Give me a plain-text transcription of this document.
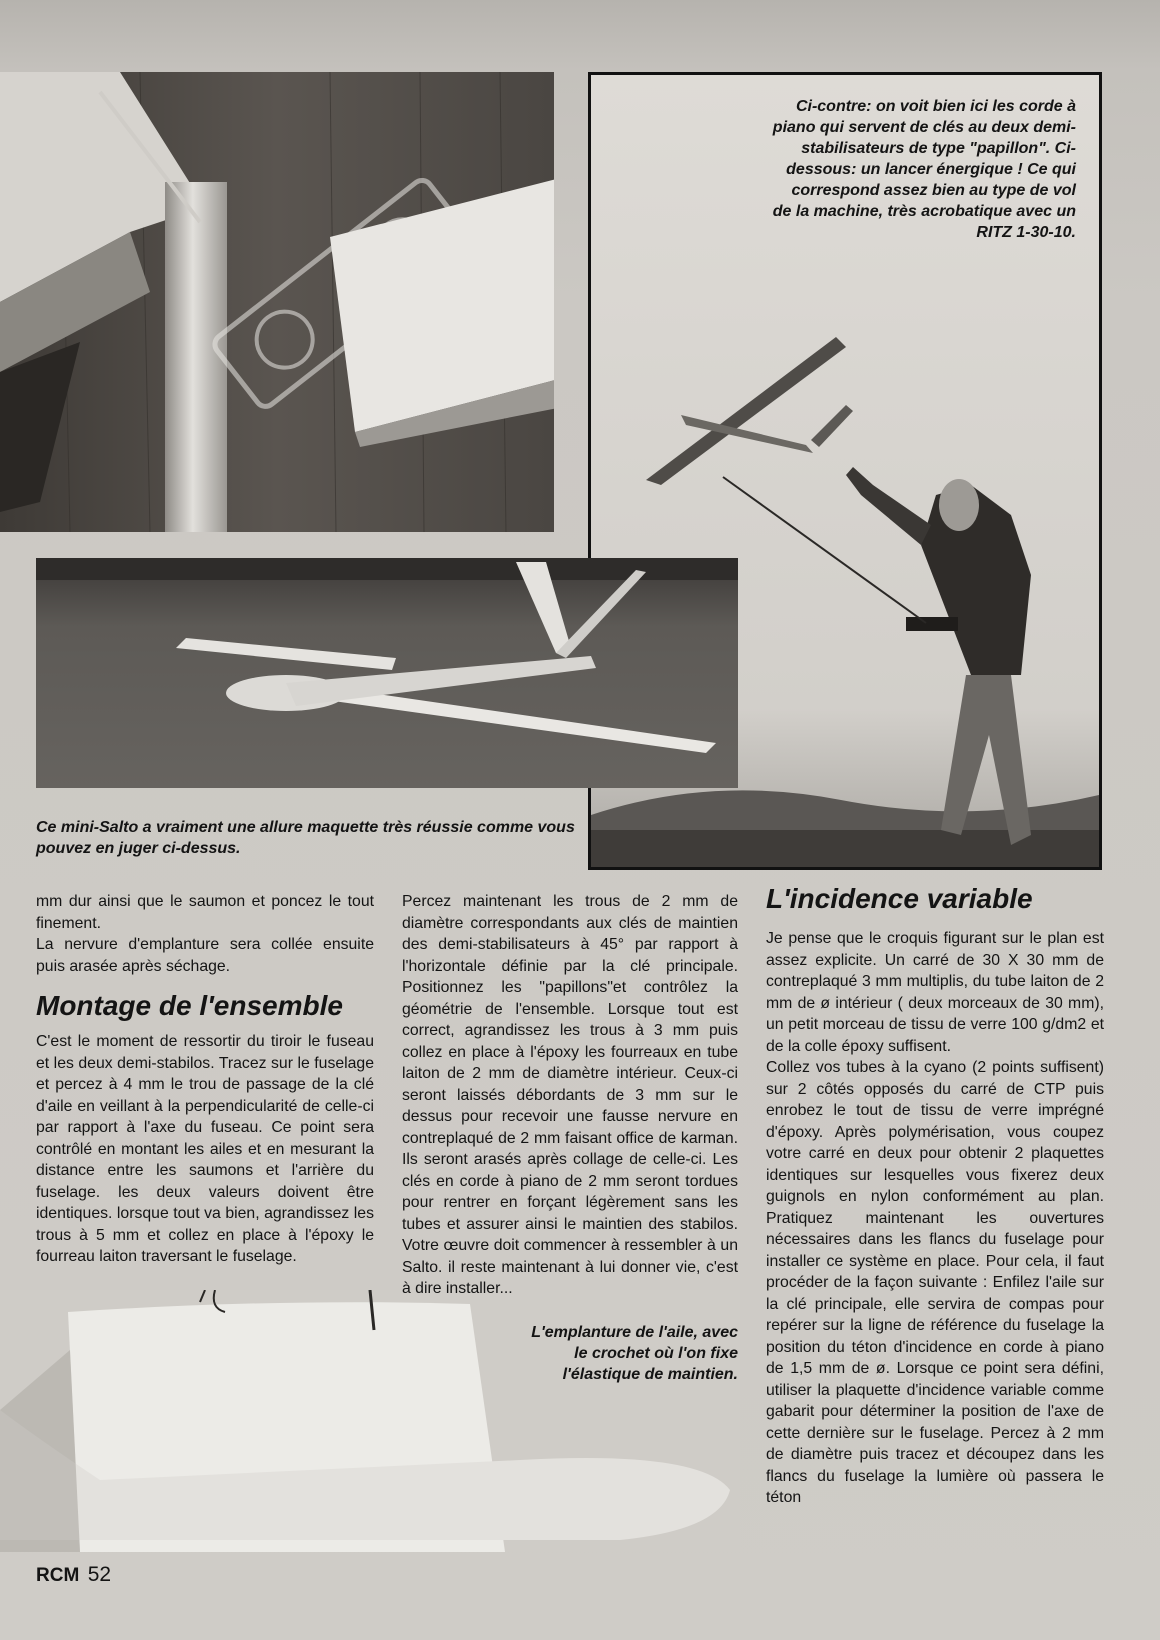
Ci-contre: on voit bien ici les corde à piano qui servent de clés au deux demi-stabilisateurs de type "papillon". Ci-dessous: un lancer énergique ! Ce qui correspond assez bien au type de vol de la machine, très acrobatique avec un RITZ 1-30-10.

Ce mini-Salto a vraiment une allure maquette très réussie comme vous pouvez en juger ci-dessus.

L'emplanture de l'aile, avec le crochet où l'on fixe l'élastique de maintien.

mm dur ainsi que le saumon et poncez le tout finement.

La nervure d'emplanture sera collée ensuite puis arasée après séchage.

Montage de l'ensemble

C'est le moment de ressortir du tiroir le fuseau et les deux demi-stabilos. Tracez sur le fuselage et percez à 4 mm le trou de passage de la clé d'aile en veillant à la perpendicularité de celle-ci par rapport à l'axe du fuseau. Ce point sera contrôlé en montant les ailes et en mesurant la distance entre les saumons et l'arrière du fuselage. les deux valeurs doivent être identiques. lorsque tout va bien, agrandissez les trous à 5 mm et collez en place à l'époxy le fourreau laiton traversant le fuselage.

Percez maintenant les trous de 2 mm de diamètre correspondants aux clés de maintien des demi-stabilisateurs à 45° par rapport à l'horizontale définie par la clé principale. Positionnez les "papillons"et contrôlez la géométrie de l'ensemble. Lorsque tout est correct, agrandissez les trous à 3 mm puis collez en place à l'époxy les fourreaux en tube laiton de 2 mm de diamètre intérieur. Ceux-ci seront laissés débordants de 3 mm sur le dessus pour recevoir une fausse nervure en contreplaqué de 2 mm faisant office de karman. Ils seront arasés après collage de celle-ci. Les clés en corde à piano de 2 mm seront tordues pour rentrer en forçant légèrement sans les tubes et assurer ainsi le maintien des stabilos. Votre œuvre doit commencer à ressembler à un Salto. il reste maintenant à lui donner vie, c'est à dire installer...

L'incidence variable

Je pense que le croquis figurant sur le plan est assez explicite. Un carré de 30 X 30 mm de contreplaqué 3 mm multiplis, du tube laiton de 2 mm de ø intérieur ( deux morceaux de 30 mm), un petit morceau de tissu de verre 100 g/dm2 et de la colle époxy suffisent.

Collez vos tubes à la cyano (2 points suffisent) sur 2 côtés opposés du carré de CTP puis enrobez le tout de tissu de verre imprégné d'époxy. Après polymérisation, vous coupez votre carré en deux pour obtenir 2 plaquettes identiques sur lesquelles vous fixerez deux guignols en nylon conformément au plan. Pratiquez maintenant les ouvertures nécessaires dans les flancs du fuselage pour installer ce système en place. Pour cela, il faut procéder de la façon suivante : Enfilez l'aile sur la clé principale, elle servira de compas pour repérer sur la ligne de référence du fuselage la position du téton d'incidence en corde à piano de 1,5 mm de ø. Lorsque ce point sera défini, utiliser la plaquette d'incidence variable comme gabarit pour déterminer la position de l'axe de cette dernière sur le fuselage. Percez à 2 mm de diamètre puis tracez et découpez dans les flancs du fuselage la lumière où passera le téton

RCM 52
